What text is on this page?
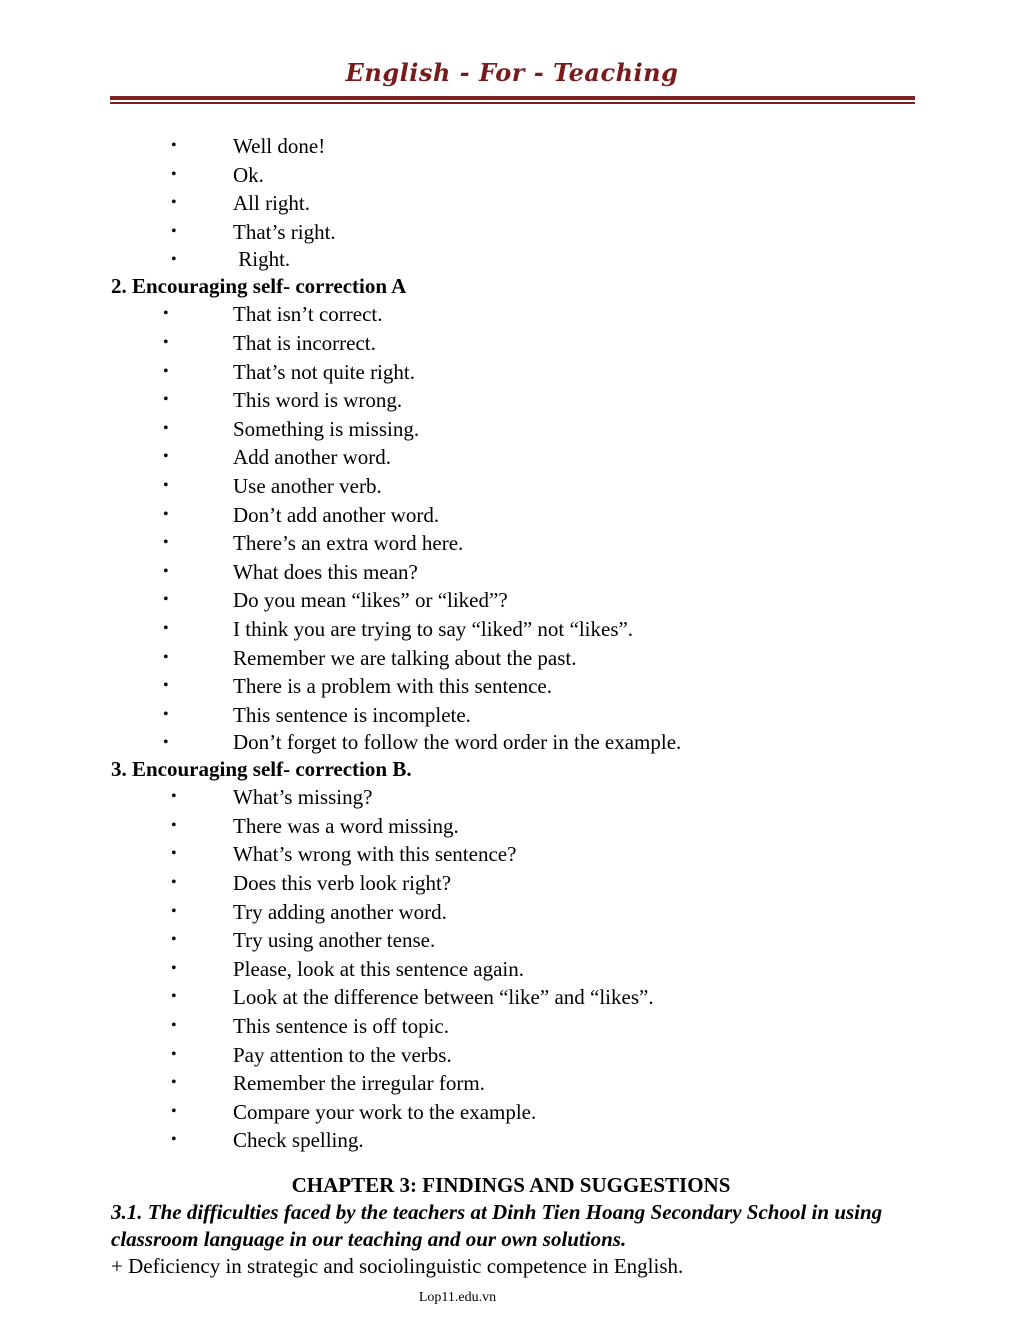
English - For - Teaching
•	Well done!
•	Ok.
•	All right.
•	That’s right.
•	Right.
2. Encouraging self- correction A
•	That isn’t correct.
•	That is incorrect.
•	That’s not quite right.
•	This word is wrong.
•	Something is missing.
•	Add another word.
•	Use another verb.
•	Don’t add another word.
•	There’s an extra word here.
•	What does this mean?
•	Do you mean “likes” or “liked”?
•	I think you are trying to say “liked” not “likes”.
•	Remember we are talking about the past.
•	There is a problem with this sentence.
•	This sentence is incomplete.
•	Don’t forget to follow the word order in the example.
3. Encouraging self- correction B.
•	What’s missing?
•	There was a word missing.
•	What’s wrong with this sentence?
•	Does this verb look right?
•	Try adding another word.
•	Try using another tense.
•	Please, look at this sentence again.
•	Look at the difference between “like” and “likes”.
•	This sentence is off topic.
•	Pay attention to the verbs.
•	Remember the irregular form.
•	Compare your work to the example.
•	Check spelling.
CHAPTER 3: FINDINGS AND SUGGESTIONS
3.1. The difficulties faced by the teachers at Dinh Tien Hoang Secondary School in using classroom language in our teaching and our own solutions.
+ Deficiency in strategic and sociolinguistic competence in English.
Lop11.edu.vn
